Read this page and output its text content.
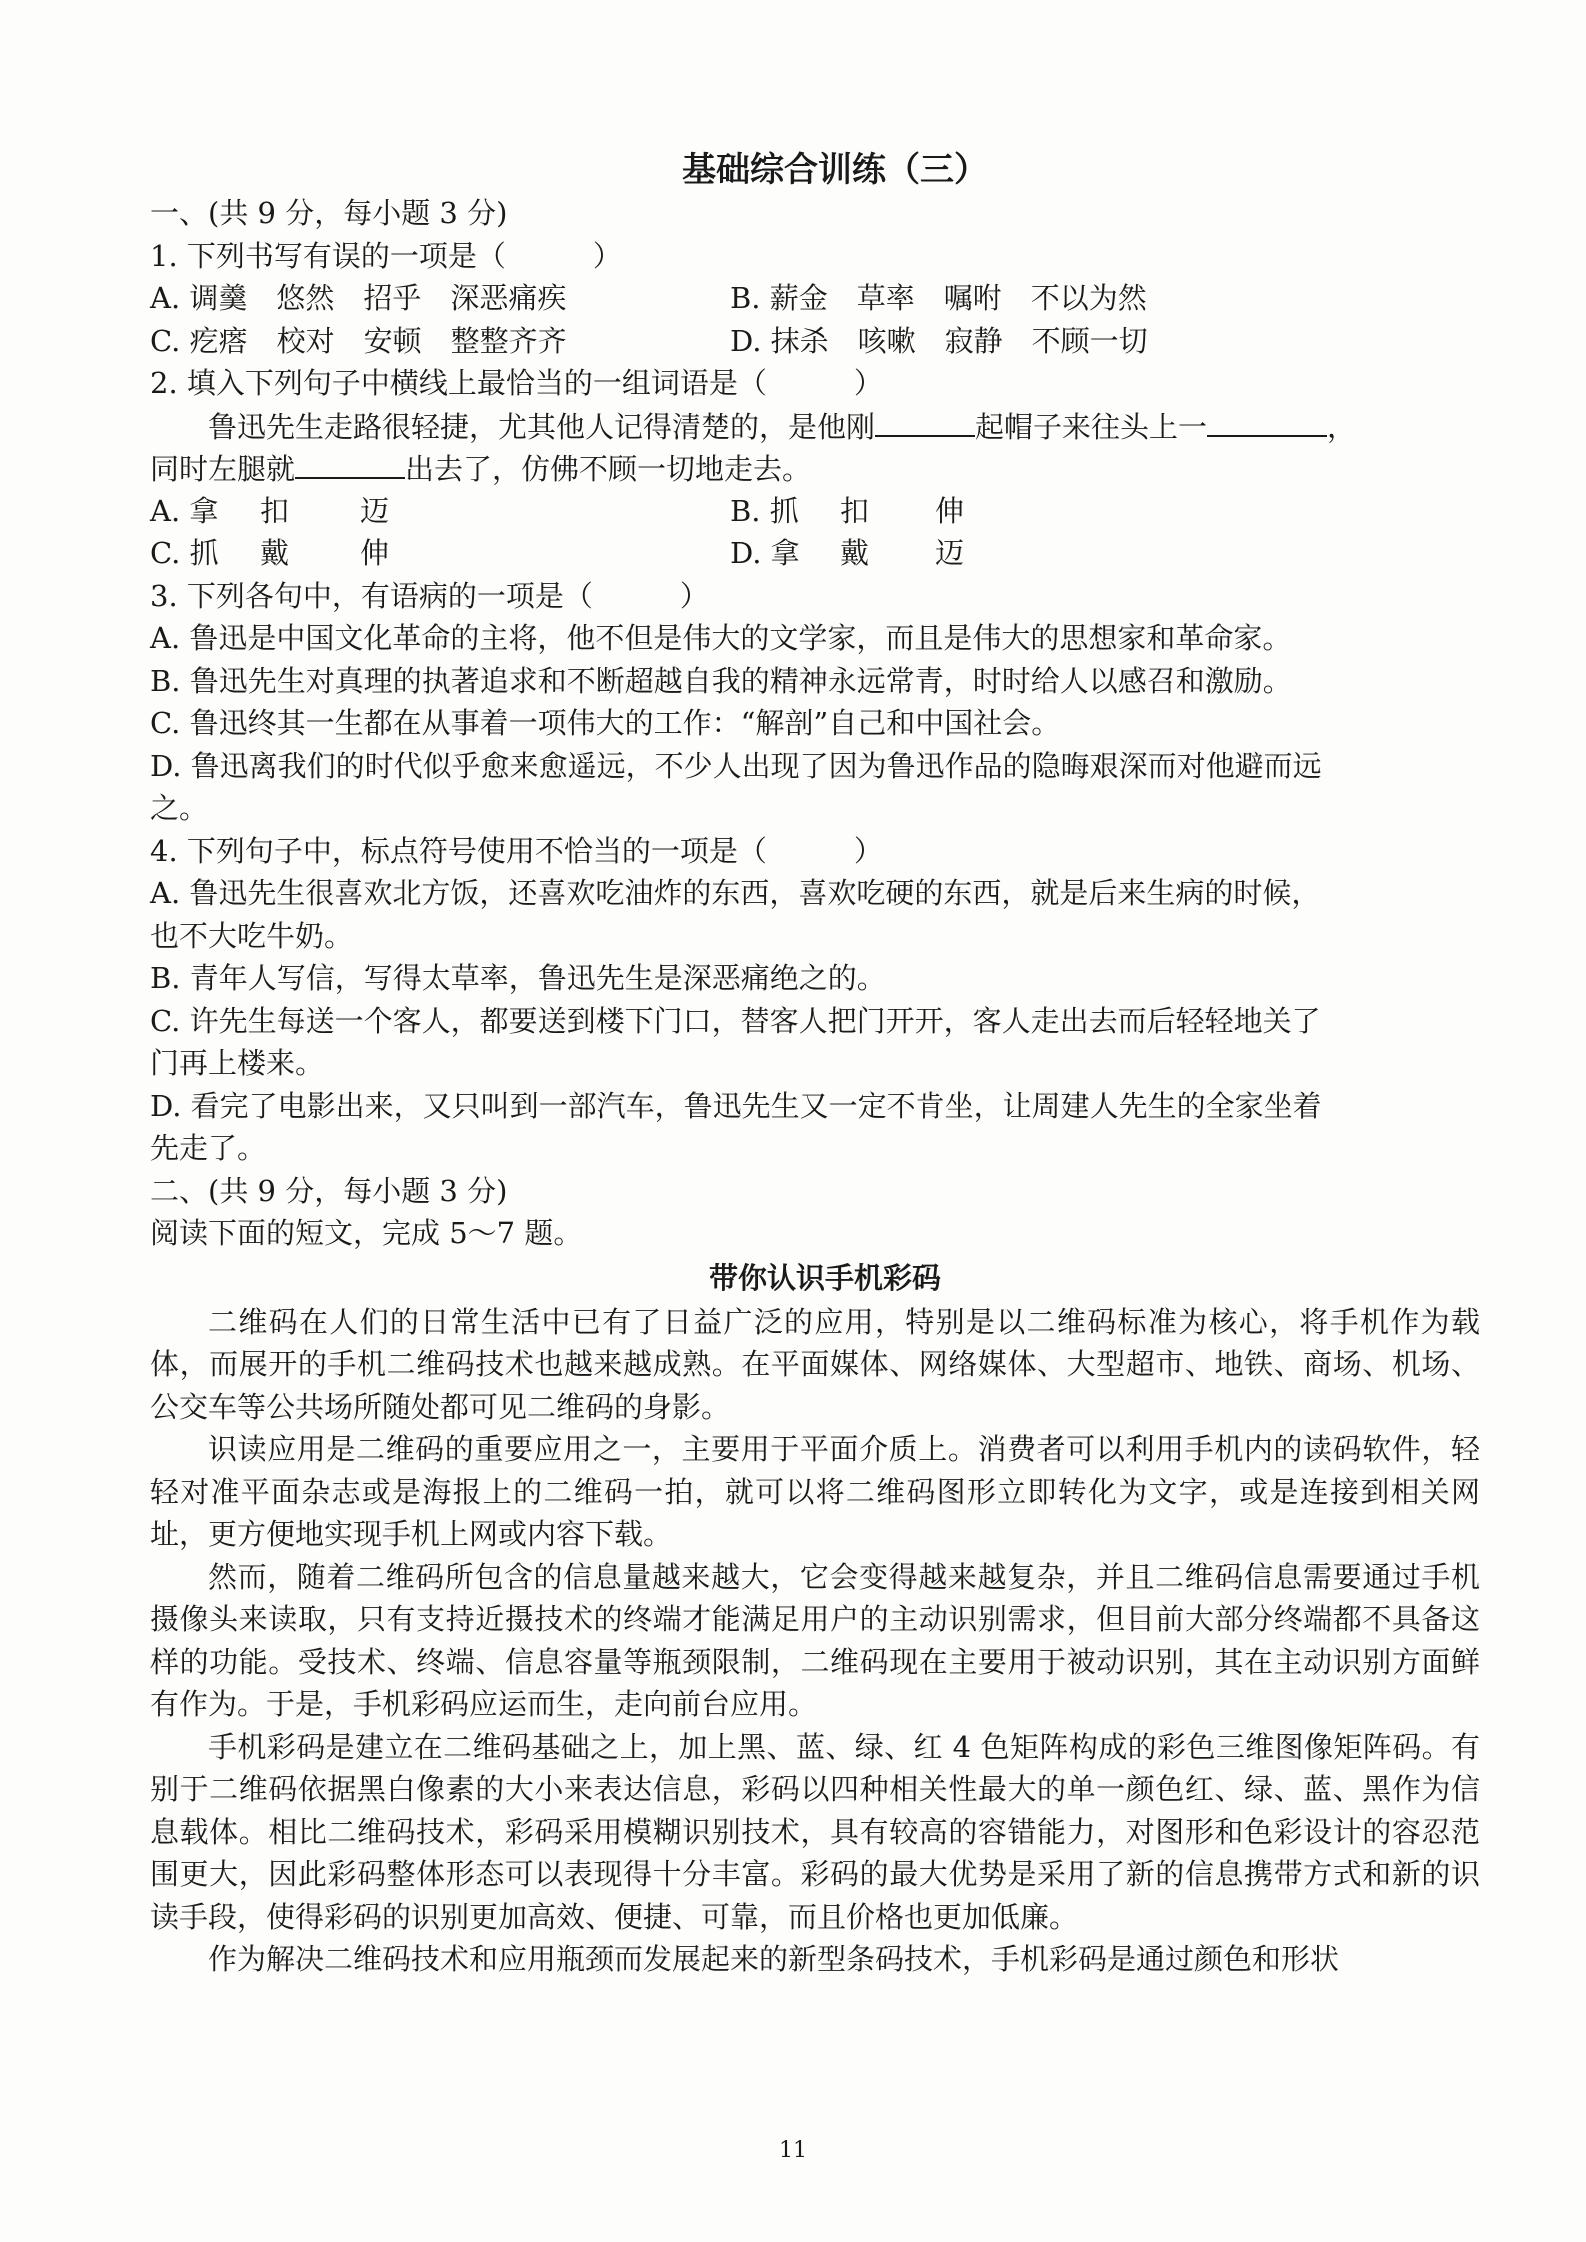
基础综合训练（三）
一、(共 9 分，每小题 3 分)
1. 下列书写有误的一项是（　　　）
A. 调羹　悠然　招乎　深恶痛疾	B. 薪金　草率　嘱咐　不以为然
C. 疙瘩　校对　安顿　整整齐齐	D. 抹杀　咳嗽　寂静　不顾一切
2. 填入下列句子中横线上最恰当的一组词语是（　　　）
鲁迅先生走路很轻捷，尤其他人记得清楚的，是他刚	起帽子来往头上一	，
同时左腿就	出去了，仿佛不顾一切地走去。
A. 拿 扣 迈	B. 抓 扣 伸
C. 抓 戴 伸	D. 拿 戴 迈
3. 下列各句中，有语病的一项是（　　　）
A. 鲁迅是中国文化革命的主将，他不但是伟大的文学家，而且是伟大的思想家和革命家。
B. 鲁迅先生对真理的执著追求和不断超越自我的精神永远常青，时时给人以感召和激励。
C. 鲁迅终其一生都在从事着一项伟大的工作：“解剖”自己和中国社会。
D. 鲁迅离我们的时代似乎愈来愈遥远，不少人出现了因为鲁迅作品的隐晦艰深而对他避而远
之。
4. 下列句子中，标点符号使用不恰当的一项是（　　　）
A. 鲁迅先生很喜欢北方饭，还喜欢吃油炸的东西，喜欢吃硬的东西，就是后来生病的时候，
也不大吃牛奶。
B. 青年人写信，写得太草率，鲁迅先生是深恶痛绝之的。
C. 许先生每送一个客人，都要送到楼下门口，替客人把门开开，客人走出去而后轻轻地关了
门再上楼来。
D. 看完了电影出来，又只叫到一部汽车，鲁迅先生又一定不肯坐，让周建人先生的全家坐着
先走了。
二、(共 9 分，每小题 3 分)
阅读下面的短文，完成 5～7 题。
带你认识手机彩码
二维码在人们的日常生活中已有了日益广泛的应用，特别是以二维码标准为核心，将手机作为载体，而展开的手机二维码技术也越来越成熟。在平面媒体、网络媒体、大型超市、地铁、商场、机场、公交车等公共场所随处都可见二维码的身影。
识读应用是二维码的重要应用之一，主要用于平面介质上。消费者可以利用手机内的读码软件，轻轻对准平面杂志或是海报上的二维码一拍，就可以将二维码图形立即转化为文字，或是连接到相关网址，更方便地实现手机上网或内容下载。
然而，随着二维码所包含的信息量越来越大，它会变得越来越复杂，并且二维码信息需要通过手机摄像头来读取，只有支持近摄技术的终端才能满足用户的主动识别需求，但目前大部分终端都不具备这样的功能。受技术、终端、信息容量等瓶颈限制，二维码现在主要用于被动识别，其在主动识别方面鲜有作为。于是，手机彩码应运而生，走向前台应用。
手机彩码是建立在二维码基础之上，加上黑、蓝、绿、红 4 色矩阵构成的彩色三维图像矩阵码。有别于二维码依据黑白像素的大小来表达信息，彩码以四种相关性最大的单一颜色红、绿、蓝、黑作为信息载体。相比二维码技术，彩码采用模糊识别技术，具有较高的容错能力，对图形和色彩设计的容忍范围更大，因此彩码整体形态可以表现得十分丰富。彩码的最大优势是采用了新的信息携带方式和新的识读手段，使得彩码的识别更加高效、便捷、可靠，而且价格也更加低廉。
作为解决二维码技术和应用瓶颈而发展起来的新型条码技术，手机彩码是通过颜色和形状
11
